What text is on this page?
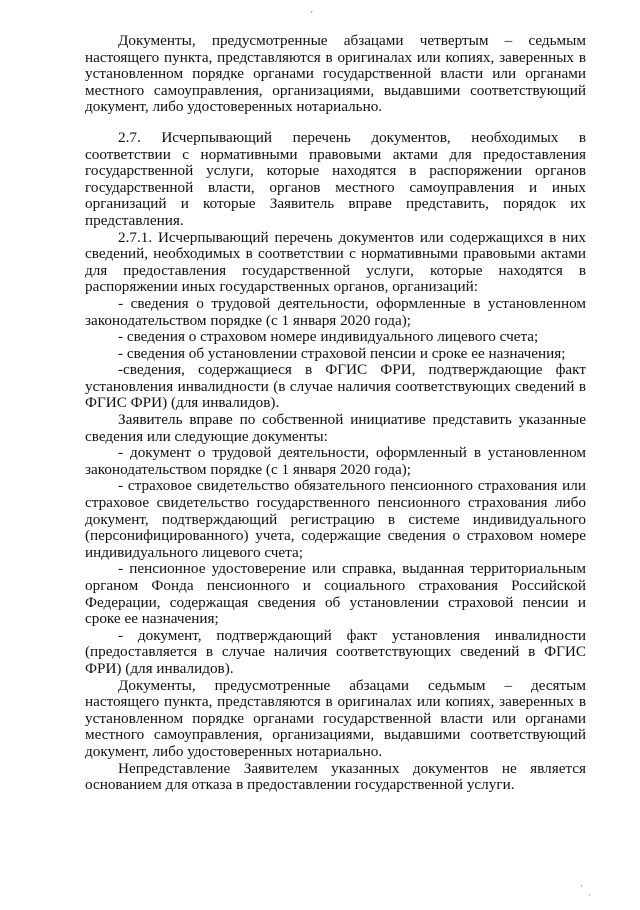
ˊ
·
·

Документы, предусмотренные абзацами четвертым – седьмым настоящего пункта, представляются в оригиналах или копиях, заверенных в установленном порядке органами государственной власти или органами местного самоуправления, организациями, выдавшими соответствующий документ, либо удостоверенных нотариально.

2.7. Исчерпывающий перечень документов, необходимых в соответствии с нормативными правовыми актами для предоставления государственной услуги, которые находятся в распоряжении органов государственной власти, органов местного самоуправления и иных организаций и которые Заявитель вправе представить, порядок их представления.

2.7.1. Исчерпывающий перечень документов или содержащихся в них сведений, необходимых в соответствии с нормативными правовыми актами для предоставления государственной услуги, которые находятся в распоряжении иных государственных органов, организаций:

- сведения о трудовой деятельности, оформленные в установленном законодательством порядке (с 1 января 2020 года);

- сведения о страховом номере индивидуального лицевого счета;

- сведения об установлении страховой пенсии и сроке ее назначения;

-сведения, содержащиеся в ФГИС ФРИ, подтверждающие факт установления инвалидности (в случае наличия соответствующих сведений в ФГИС ФРИ) (для инвалидов).

Заявитель вправе по собственной инициативе представить указанные сведения или следующие документы:

- документ о трудовой деятельности, оформленный в установленном законодательством порядке (с 1 января 2020 года);

- страховое свидетельство обязательного пенсионного страхования или страховое свидетельство государственного пенсионного страхования либо документ, подтверждающий регистрацию в системе индивидуального (персонифицированного) учета, содержащие сведения о страховом номере индивидуального лицевого счета;

- пенсионное удостоверение или справка, выданная территориальным органом Фонда пенсионного и социального страхования Российской Федерации, содержащая сведения об установлении страховой пенсии и сроке ее назначения;

- документ, подтверждающий факт установления инвалидности (предоставляется в случае наличия соответствующих сведений в ФГИС ФРИ) (для инвалидов).

Документы, предусмотренные абзацами седьмым – десятым настоящего пункта, представляются в оригиналах или копиях, заверенных в установленном порядке органами государственной власти или органами местного самоуправления, организациями, выдавшими соответствующий документ, либо удостоверенных нотариально.

Непредставление Заявителем указанных документов не является основанием для отказа в предоставлении государственной услуги.
